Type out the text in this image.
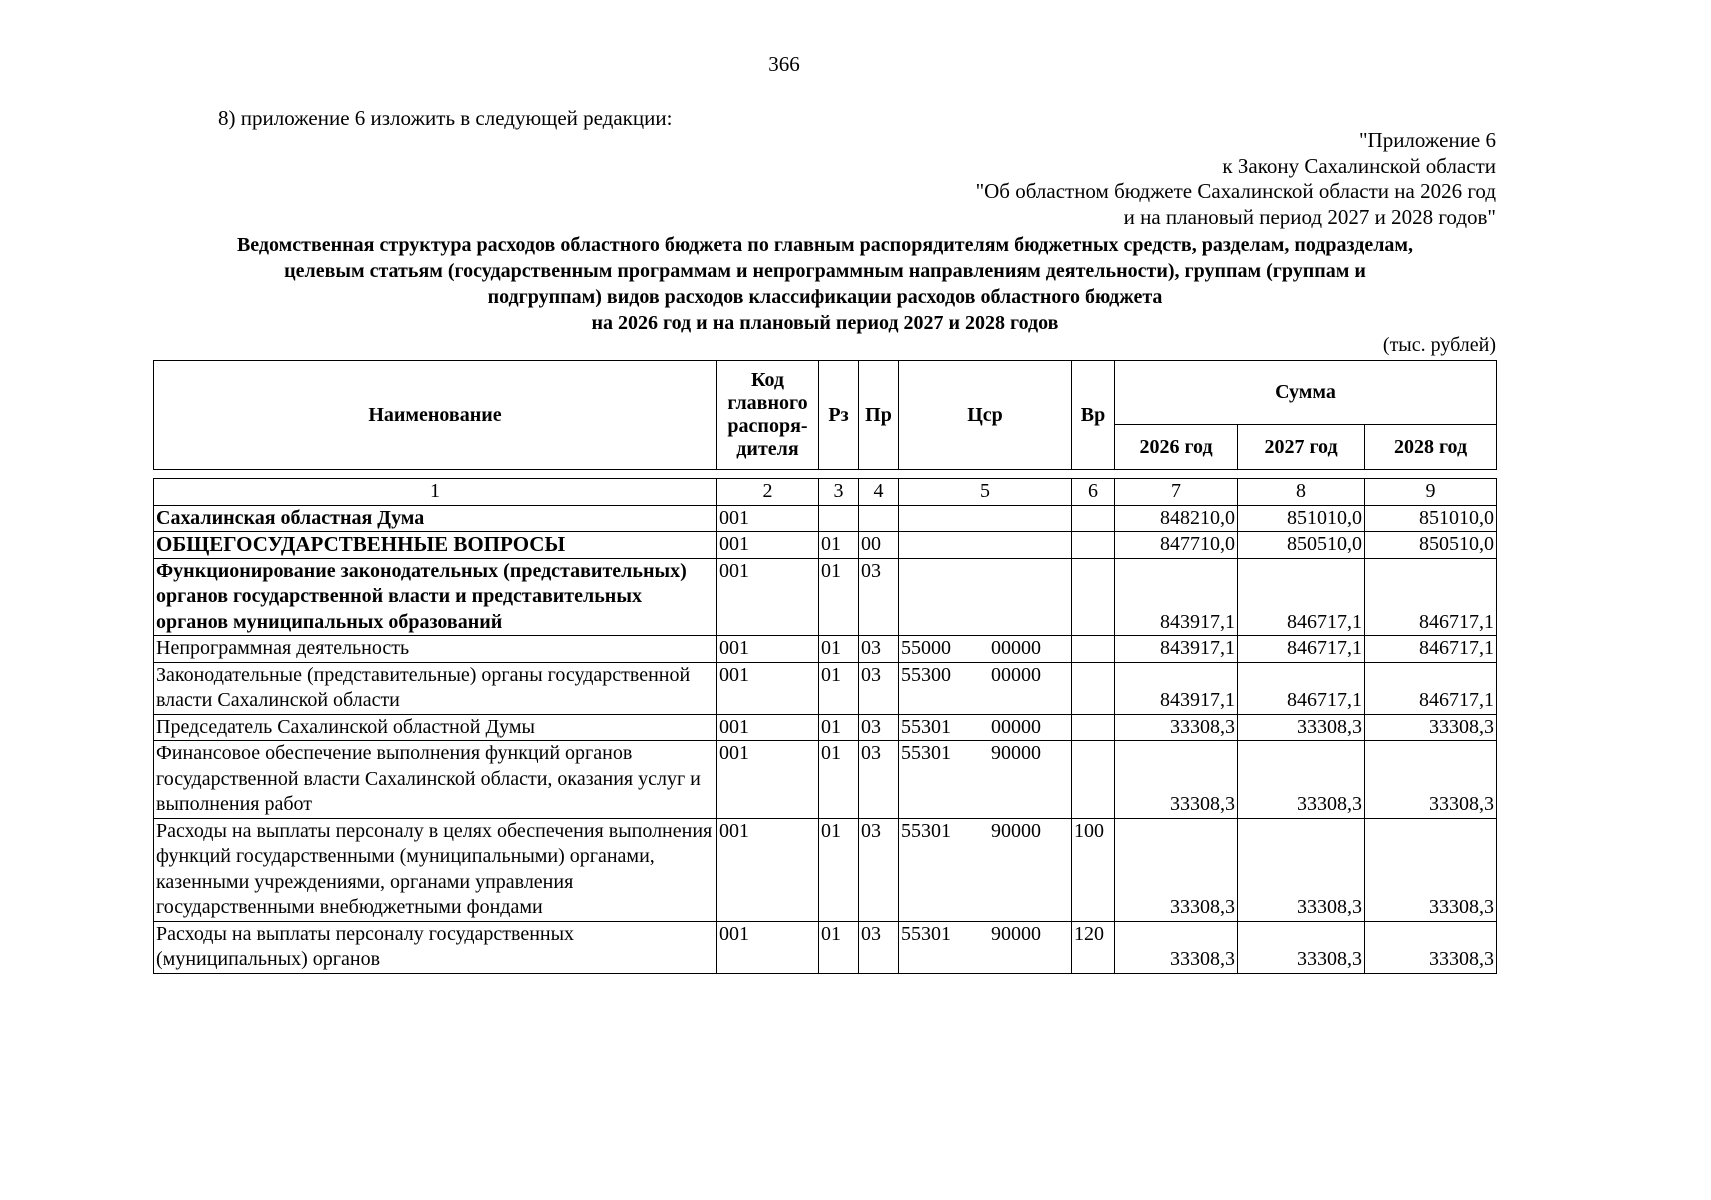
366
8) приложение 6 изложить в следующей редакции:
"Приложение 6
к Закону Сахалинской области
"Об областном бюджете Сахалинской области на 2026 год
и на плановый период 2027 и 2028 годов"
Ведомственная структура расходов областного бюджета по главным распорядителям бюджетных средств, разделам, подразделам,
целевым статьям (государственным программам и непрограммным направлениям деятельности), группам (группам и
подгруппам) видов расходов классификации расходов областного бюджета
на 2026 год и на плановый период 2027 и 2028 годов
(тыс. рублей)
Наименование	Код
главного
распоря-
дителя	Рз	Пр	Цср	Вр	Сумма		
						2026 год	2027 год	2028 год
1	2	3	4	5	6	7	8	9
Сахалинская областная Дума	001					848210,0	851010,0	851010,0
ОБЩЕГОСУДАРСТВЕННЫЕ ВОПРОСЫ	001	01	00			847710,0	850510,0	850510,0
Функционирование законодательных (представительных) органов государственной власти и представительных органов муниципальных образований	001	01	03			843917,1	846717,1	846717,1
Непрограммная деятельность	001	01	03	55000 00000		843917,1	846717,1	846717,1
Законодательные (представительные) органы государственной власти Сахалинской области	001	01	03	55300 00000		843917,1	846717,1	846717,1
Председатель Сахалинской областной Думы	001	01	03	55301 00000		33308,3	33308,3	33308,3
Финансовое обеспечение выполнения функций органов государственной власти Сахалинской области, оказания услуг и выполнения работ	001	01	03	55301 90000		33308,3	33308,3	33308,3
Расходы на выплаты персоналу в целях обеспечения выполнения функций государственными (муниципальными) органами, казенными учреждениями, органами управления государственными внебюджетными фондами	001	01	03	55301 90000	100	33308,3	33308,3	33308,3
Расходы на выплаты персоналу государственных (муниципальных) органов	001	01	03	55301 90000	120	33308,3	33308,3	33308,3
